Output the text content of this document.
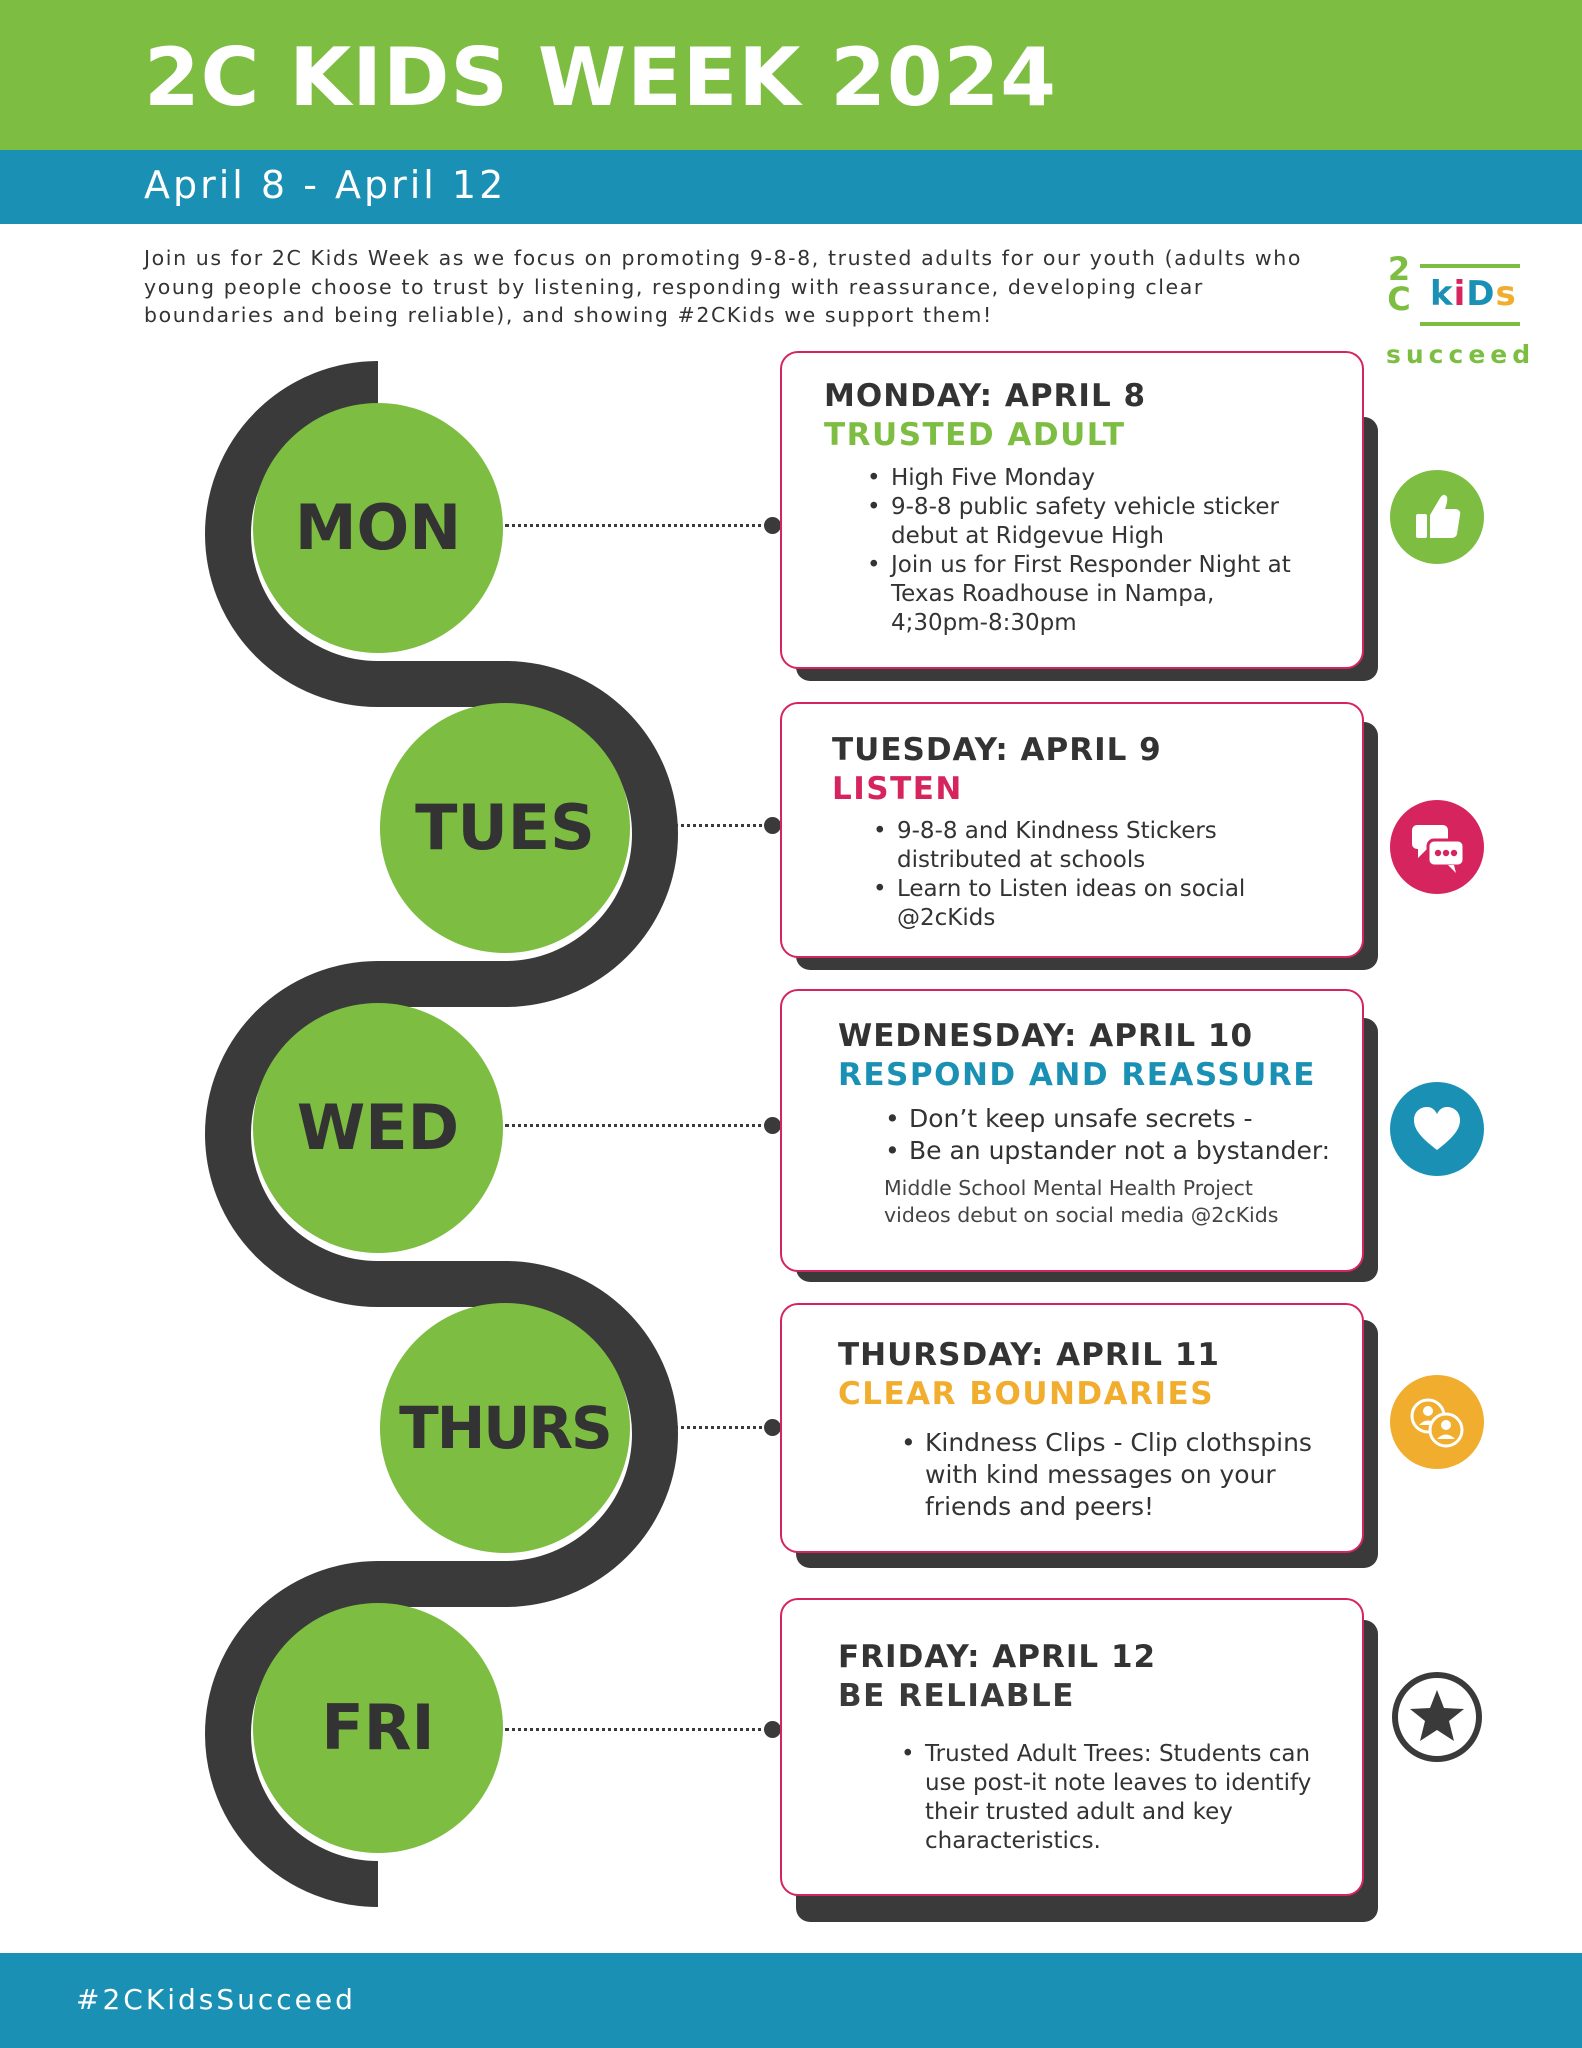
2C KIDS WEEK 2024
April 8 - April 12

Join us for 2C Kids Week as we focus on promoting 9-8-8, trusted adults for our youth (adults who young people choose to trust by listening, responding with reassurance, developing clear boundaries and being reliable), and showing #2CKids we support them!

2
C kiDs
succeed
MON
TUES
WED
THURS
FRI
MONDAY: APRIL 8
TRUSTED ADULT
• High Five Monday
• 9-8-8 public safety vehicle sticker debut at Ridgevue High
• Join us for First Responder Night at Texas Roadhouse in Nampa, 4;30pm-8:30pm
TUESDAY: APRIL 9
LISTEN
• 9-8-8 and Kindness Stickers distributed at schools
• Learn to Listen ideas on social @2cKids
WEDNESDAY: APRIL 10
RESPOND AND REASSURE
• Don’t keep unsafe secrets -
• Be an upstander not a bystander:
Middle School Mental Health Project videos debut on social media @2cKids
THURSDAY: APRIL 11
CLEAR BOUNDARIES
• Kindness Clips - Clip clothspins with kind messages on your friends and peers!
FRIDAY: APRIL 12
BE RELIABLE
• Trusted Adult Trees: Students can use post-it note leaves to identify their trusted adult and key characteristics.
#2CKidsSucceed
